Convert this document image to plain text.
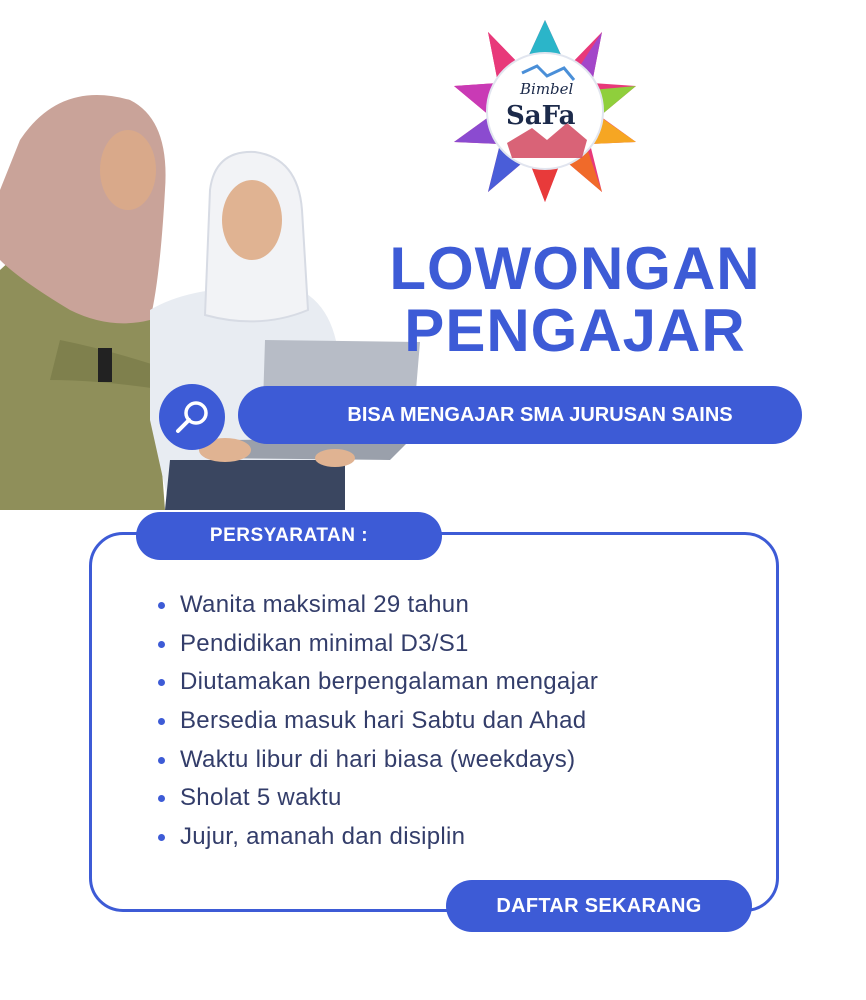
Bimbel
SaFa
LOWONGAN
PENGAJAR
BISA MENGAJAR SMA JURUSAN SAINS
PERSYARATAN :
Wanita maksimal 29 tahun
Pendidikan minimal D3/S1
Diutamakan berpengalaman mengajar
Bersedia masuk hari Sabtu dan Ahad
Waktu libur di hari biasa (weekdays)
Sholat 5 waktu
Jujur, amanah dan disiplin
DAFTAR SEKARANG
